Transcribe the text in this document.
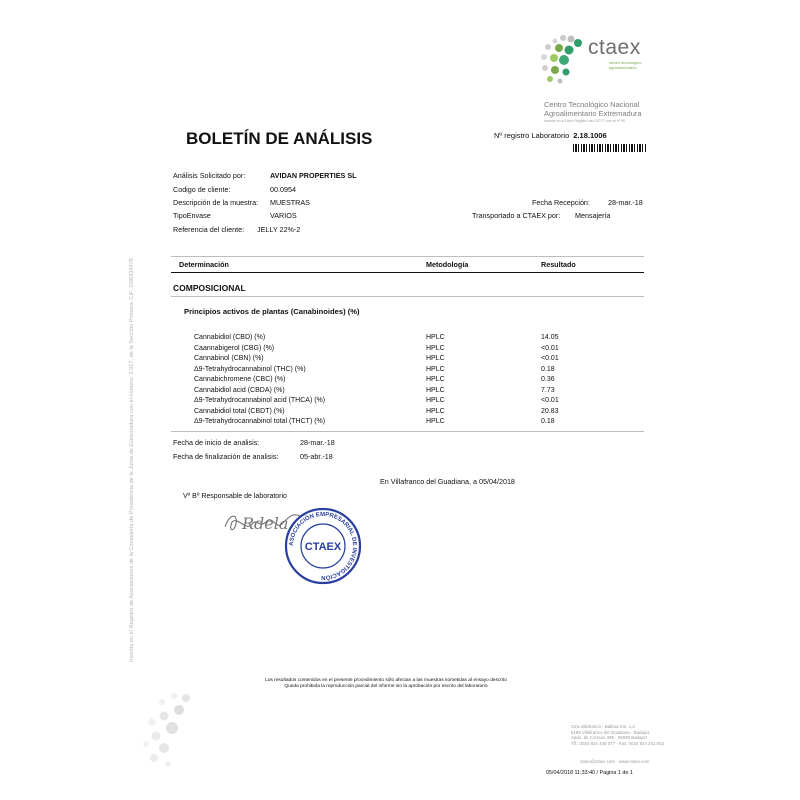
Inscrita en el Registro de Asociaciones de la Consejería de Presidencia de la Junta de Extremadura con el número: 2.917, de la Sección Primera. CIF: G06334478
ctaex
centro tecnológico
agroalimentario
Centro Tecnológico Nacional
Agroalimentario Extremadura
Inscrito en el Libro Registro del CICYT con el nº 90
BOLETÍN DE ANÁLISIS	Nº registro Laboratorio 2.18.1006
Análisis Solicitado por:	AVIDAN PROPERTIES SL
Codigo de cliente:	00.0954
Descripción de la muestra: MUESTRAS
TipoEnvase	VARIOS
Referencia del cliente: JELLY 22%-2
Fecha Recepción:	28-mar.-18
Transportado a CTAEX por: Mensajería
Determinación	Metodología	Resultado
COMPOSICIONAL
Principios activos de plantas (Canabinoides) (%)
Cannabidiol (CBD) (%)	HPLC	14.05
Caannabigerol (CBG) (%)	HPLC	<0.01
Cannabinol (CBN) (%)	HPLC	<0.01
Δ9-Tetrahydrocannabinol (THC) (%)	HPLC	0.18
Cannabichromene (CBC) (%)	HPLC	0.36
Cannabidiol acid (CBDA) (%)	HPLC	7.73
Δ9-Tetrahydrocannabinol acid (THCA) (%)	HPLC	<0.01
Cannabidiol total (CBDT) (%)	HPLC	20.83
Δ9-Tetrahydrocannabinol total (THCT) (%)	HPLC	0.18
Fecha de inicio de analisis:	28-mar.-18
Fecha de finalización de analisis:	05-abr.-18
En Villafranco del Guadiana, a 05/04/2018
Vº Bº Responsable de laboratorio
Rdela
ASOCIACIÓN EMPRESARIAL DE INVESTIGACIÓN
CTAEX
Los resultados contenidos en el presente procedimiento sólo afectan a las muestras sometidas al ensayo descrito
Queda prohibida la reproducción parcial del informe sin la aprobación por escrito del laboratorio
Ctra.Villafranco - Balboa Km. 1,2
6195 Villafranco del Guadiana · Badajoz
Apdo. de Correos 495 · 06080 Badajoz
Tlf.: 0034 924 448 077 · Fax: 0034 924 241 002
ctaex@ctaex.com · www.ctaex.com
05/04/2018 11:33:40 / Pagina 1 de 1
